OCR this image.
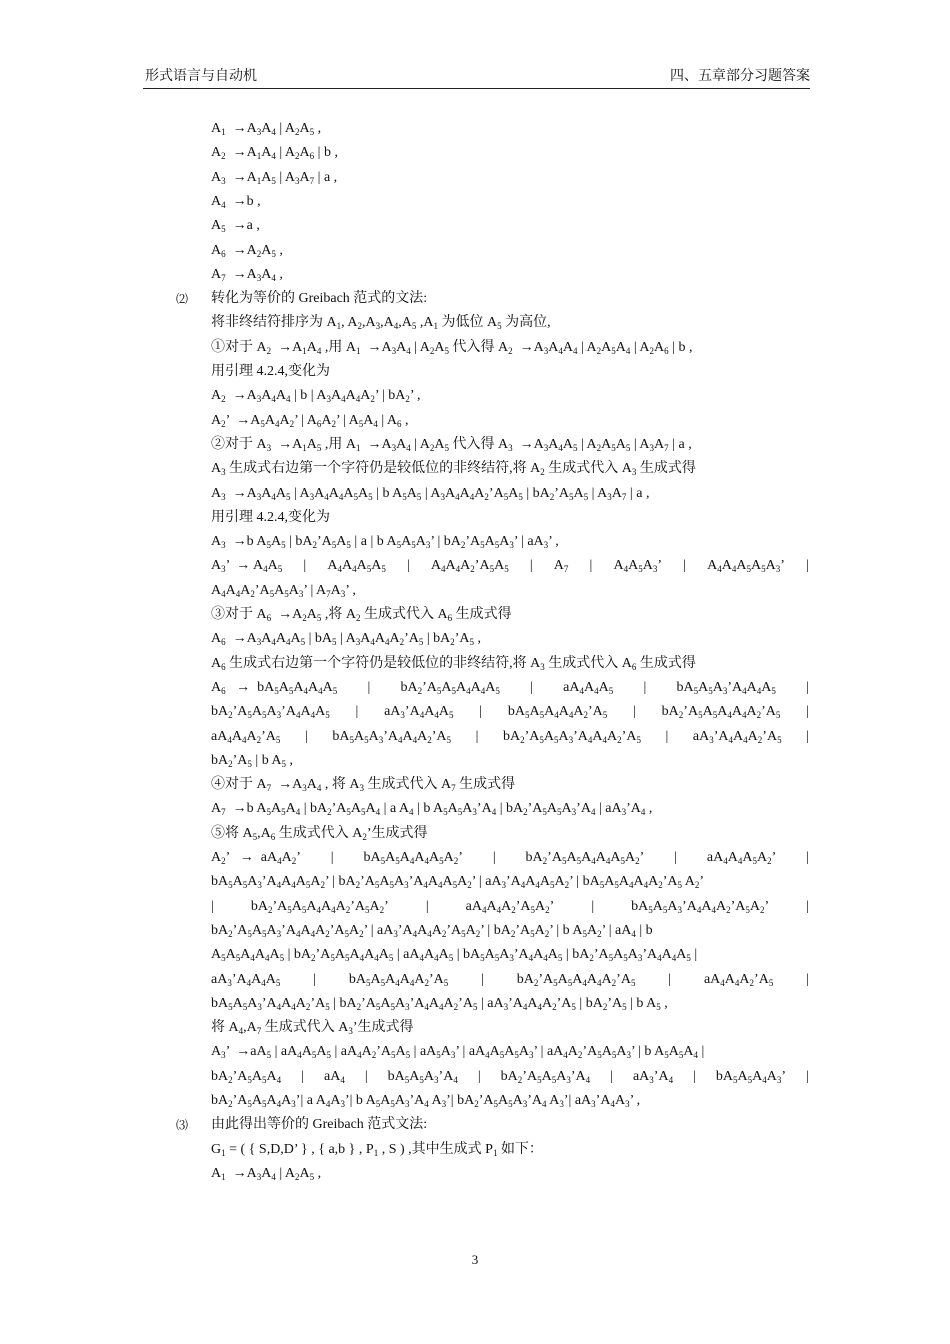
形式语言与自动机	四、五章部分习题答案
$A_1 \to A_3A_4$ | $A_2A_5$ ,
$A_2 \to A_1A_4$ | $A_2A_6$ | b ,
$A_3 \to A_1A_5$ | $A_3A_7$ | a ,
$A_4 \to b$ ,
$A_5 \to a$ ,
$A_6 \to A_2A_5$ ,
$A_7 \to A_3A_4$ ,
⑵ 转化为等价的 Greibach 范式的文法:
将非终结符排序为 $A_1$, $A_2,A_3,A_4,A_5$ $,A_1$ 为低位 $A_5$ 为高位,
①对于 $A_2 \to A_1A_4$ ,用 $A_1 \to A_3A_4$ | $A_2A_5$ 代入得 $A_2 \to A_3A_4A_4$ | $A_2A_5A_4$ | $A_2A_6$ | b ,
用引理 4.2.4,变化为
$A_2 \to A_3A_4A_4$ | b | $A_3A_4A_4A_2$’ | $bA_2$’ ,
$A_2$’  $\to A_5A_4A_2$’ | $A_6A_2$’ | $A_5A_4$ | $A_6$ ,
②对于 $A_3 \to A_1A_5$ ,用 $A_1 \to A_3A_4$ | $A_2A_5$ 代入得 $A_3 \to A_3A_4A_5$ | $A_2A_5A_5$ | $A_3A_7$ | a ,
$A_3$ 生成式右边第一个字符仍是较低位的非终结符,将 $A_2$ 生成式代入 $A_3$ 生成式得
$A_3 \to A_3A_4A_5$ | $A_3A_4A_4A_5A_5$ | b $A_5A_5$ | $A_3A_4A_4A_2’A_5A_5$ | $bA_2’A_5A_5$ | $A_3A_7$ | a ,
用引理 4.2.4,变化为
$A_3 \to b$ $A_5A_5$ | $bA_2’A_5A_5$ | a | b $A_5A_5A_3$’ | $bA_2’A_5A_5A_3$’ | $aA_3$’ ,
$A_3$’  → $A_4A_5$ | $A_4A_4A_5A_5$ | $A_4A_4A_2’A_5A_5$ | $A_7$ | $A_4A_5A_3$’ | $A_4A_4A_5A_5A_3$’ |
$A_4A_4A_2’A_5A_5A_3$’ | $A_7A_3$’ ,
③对于 $A_6 \to A_2A_5$ ,将 $A_2$ 生成式代入 $A_6$ 生成式得
$A_6 \to A_3A_4A_4A_5$ | $bA_5$ | $A_3A_4A_4A_2’A_5$ | $bA_2’A_5$ ,
$A_6$ 生成式右边第一个字符仍是较低位的非终结符,将 $A_3$ 生成式代入 $A_6$ 生成式得
$A_6 \to bA_5A_5A_4A_4A_5$ | $bA_2’A_5A_5A_4A_4A_5$ | $aA_4A_4A_5$ | $bA_5A_5A_3’A_4A_4A_5$ |
$bA_2’A_5A_5A_3’A_4A_4A_5$ | $aA_3’A_4A_4A_5$ | $bA_5A_5A_4A_4A_2’A_5$ | $bA_2’A_5A_5A_4A_4A_2’A_5$ |
$aA_4A_4A_2’A_5$ | $bA_5A_5A_3’A_4A_4A_2’A_5$ | $bA_2’A_5A_5A_3’A_4A_4A_2’A_5$ | $aA_3’A_4A_4A_2’A_5$ |
$bA_2’A_5$ | b $A_5$ ,
④对于 $A_7 \to A_3A_4$ , 将 $A_3$ 生成式代入 $A_7$ 生成式得
$A_7 \to b$ $A_5A_5A_4$ | $bA_2’A_5A_5A_4$ | a $A_4$ | b $A_5A_5A_3’A_4$ | $bA_2’A_5A_5A_3’A_4$ | $aA_3’A_4$ ,
⑤将 $A_5,A_6$ 生成式代入 $A_2$’生成式得
$A_2$’   →  $aA_4A_2$’ | $bA_5A_5A_4A_4A_5A_2$’ | $bA_2’A_5A_5A_4A_4A_5A_2$’ | $aA_4A_4A_5A_2$’ |
$bA_5A_5A_3’A_4A_4A_5A_2$’ | $bA_2’A_5A_5A_3’A_4A_4A_5A_2$’ | $aA_3’A_4A_4A_5A_2$’ | $bA_5A_5A_4A_4A_2’A_5$ $A_2$’
|	$bA_2’A_5A_5A_4A_4A_2’A_5A_2$’	|	$aA_4A_4A_2’A_5A_2$’	|	$bA_5A_5A_3’A_4A_4A_2’A_5A_2$’	|
$bA_2’A_5A_5A_3’A_4A_4A_2’A_5A_2$’ | $aA_3’A_4A_4A_2’A_5A_2$’ | $bA_2’A_5A_2$’ | b $A_5A_2$’ | $aA_4$ | b
$A_5A_5A_4A_4A_5$ | $bA_2’A_5A_5A_4A_4A_5$ | $aA_4A_4A_5$ | $bA_5A_5A_3’A_4A_4A_5$ | $bA_2’A_5A_5A_3’A_4A_4A_5$ |
$aA_3’A_4A_4A_5$ | $bA_5A_5A_4A_4A_2’A_5$ | $bA_2’A_5A_5A_4A_4A_2’A_5$ | $aA_4A_4A_2’A_5$ |
$bA_5A_5A_3’A_4A_4A_2’A_5$ | $bA_2’A_5A_5A_3’A_4A_4A_2’A_5$ | $aA_3’A_4A_4A_2’A_5$ | $bA_2’A_5$ | b $A_5$ ,
将 $A_4,A_7$ 生成式代入 $A_3$’生成式得
$A_3$’  $\to aA_5$ | $aA_4A_5A_5$ | $aA_4A_2’A_5A_5$ | $aA_5A_3$’ | $aA_4A_5A_5A_3$’ | $aA_4A_2’A_5A_5A_3$’ | b $A_5A_5A_4$ |
$bA_2’A_5A_5A_4$ | $aA_4$ | $bA_5A_5A_3’A_4$ | $bA_2’A_5A_5A_3’A_4$ | $aA_3’A_4$ | $bA_5A_5A_4A_3$’ |
$bA_2’A_5A_5A_4A_3’|$ a $A_4A_3’|$ b $A_5A_5A_3’A_4$ $A_3’|$ $bA_2’A_5A_5A_3’A_4$ $A_3’|$ $aA_3’A_4A_3$’ ,
⑶ 由此得出等价的 Greibach 范式文法:
$G_1$ = ( { S,D,D’ } , { a,b } , $P_1$ , S ) ,其中生成式 $P_1$ 如下：
$A_1 \to A_3A_4$ | $A_2A_5$ ,
3
